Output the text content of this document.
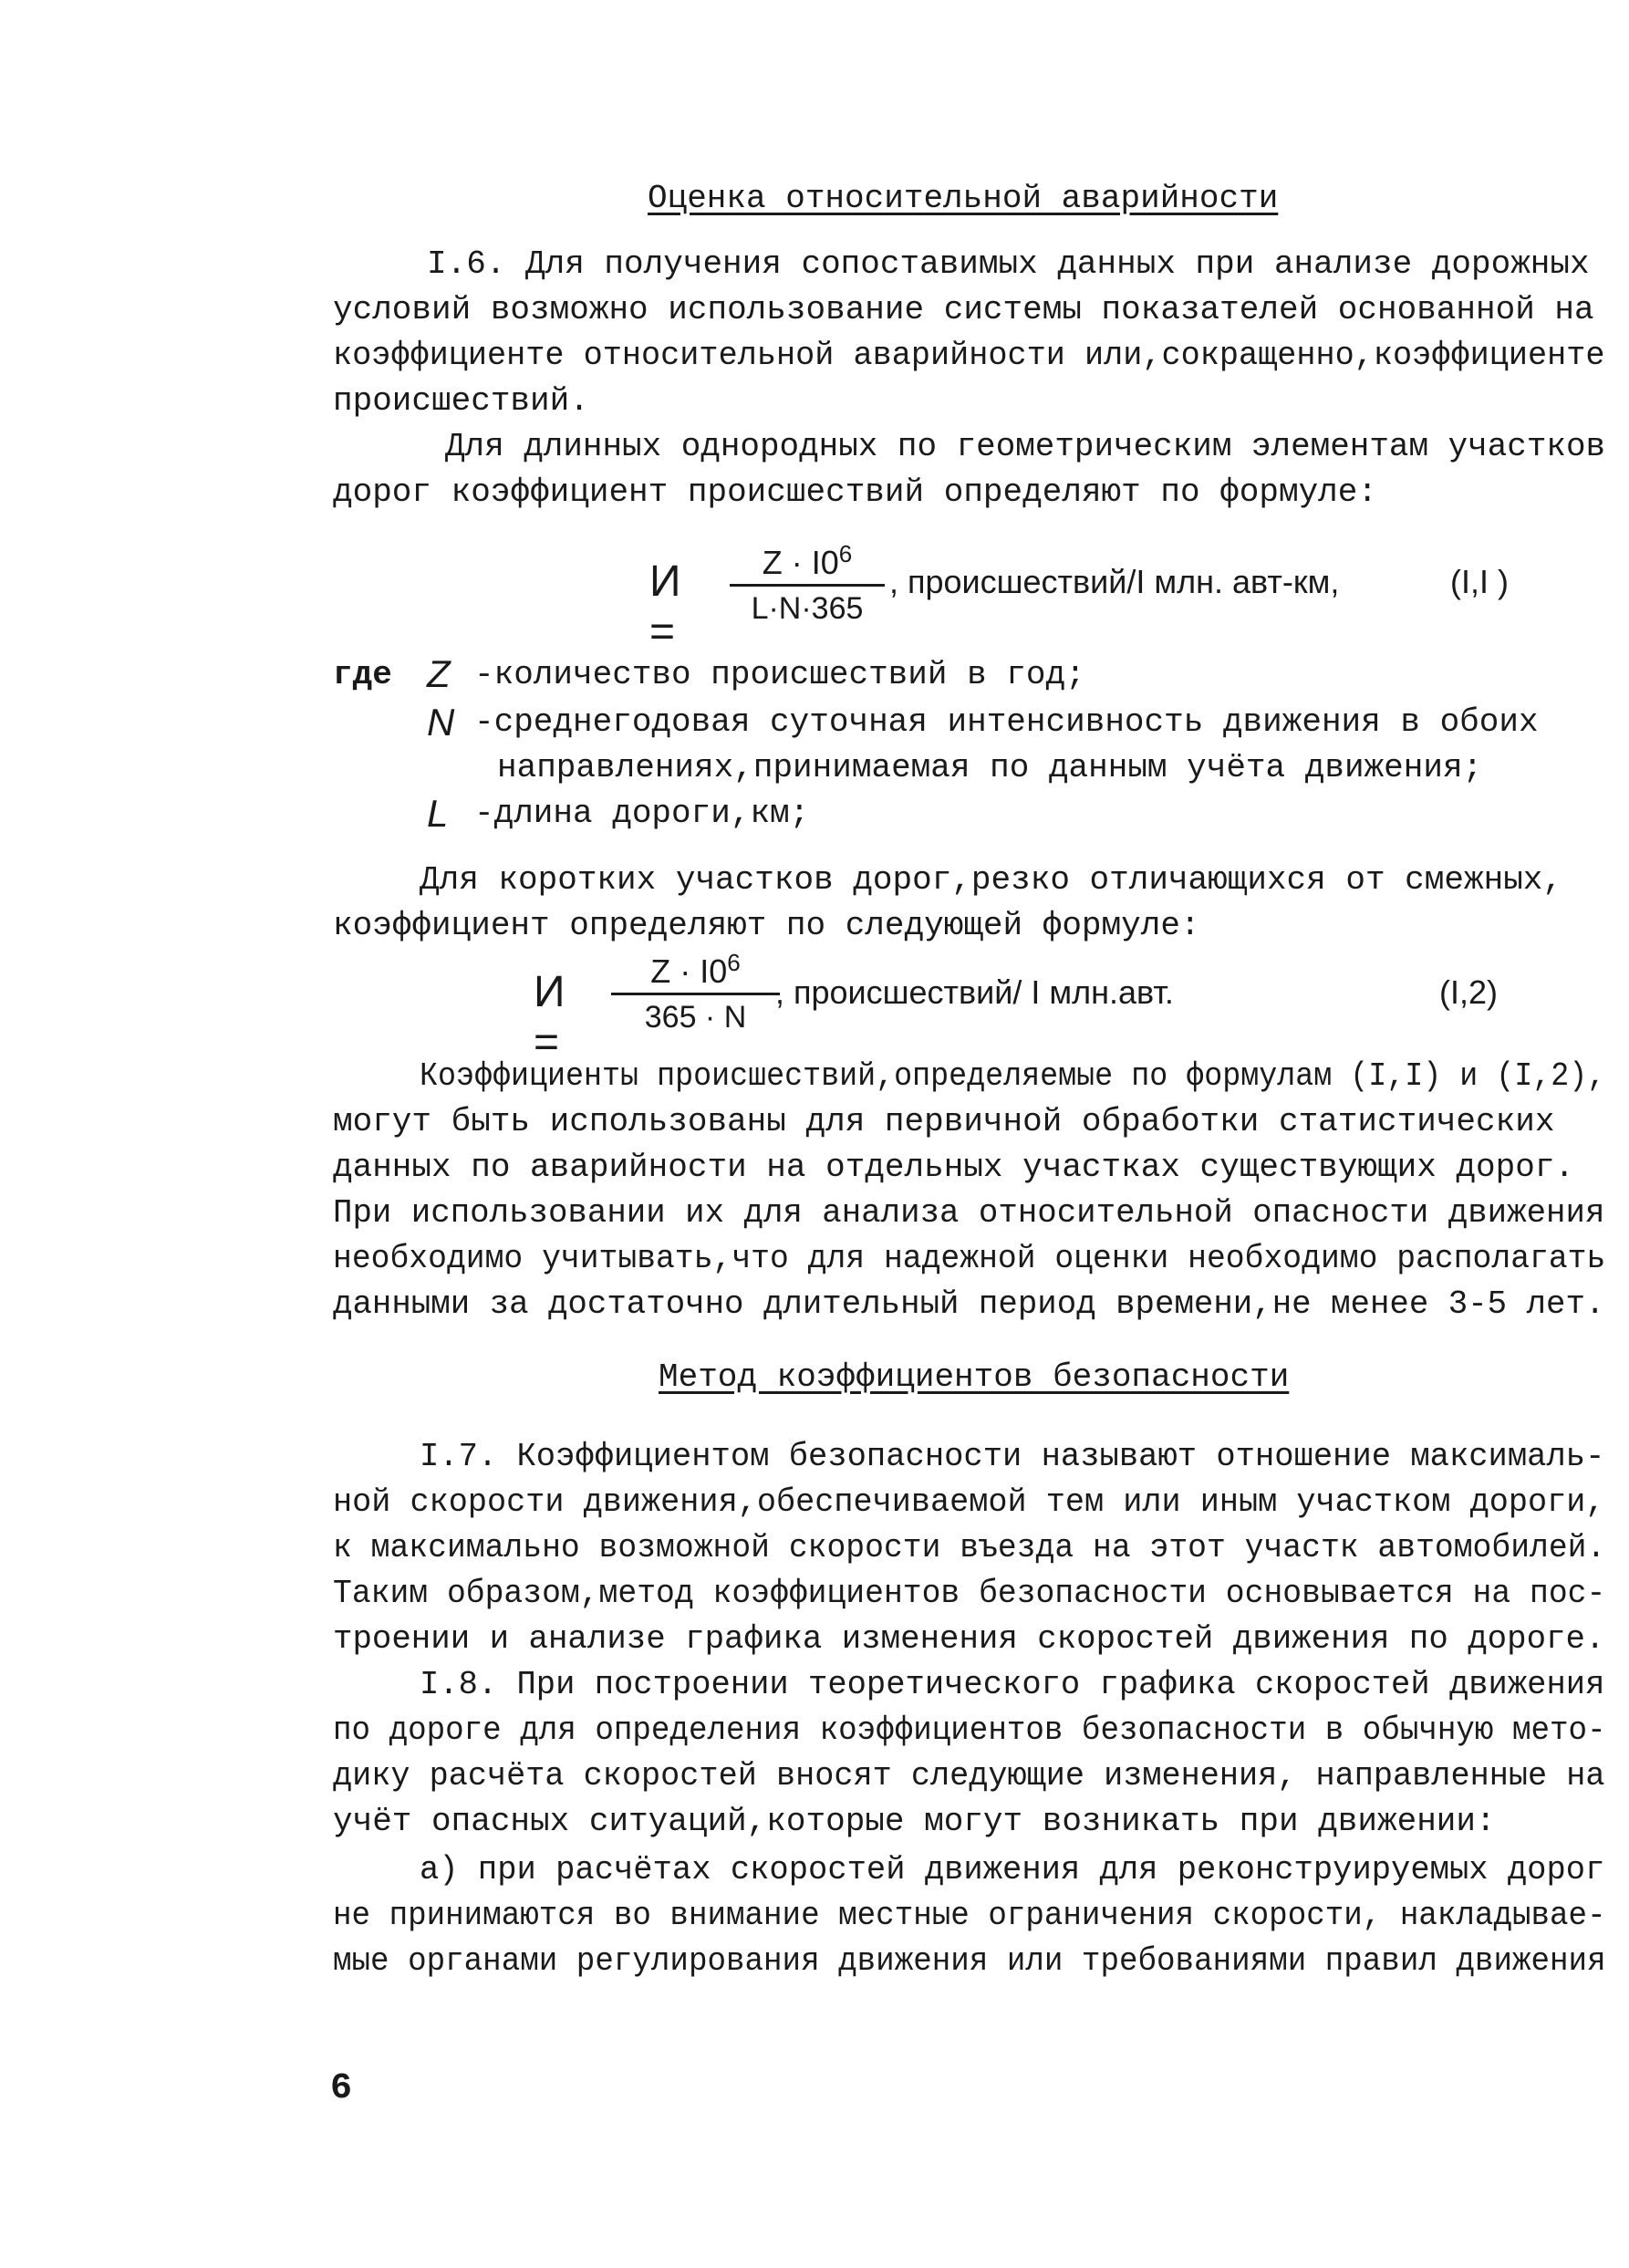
Оценка относительной аварийности
I.6. Для получения сопоставимых данных при анализе дорожных
условий возможно использование системы показателей основанной на
коэффициенте относительной аварийности или,сокращенно,коэффициенте
происшествий.
Для длинных однородных по геометрическим элементам участков
дорог коэффициент происшествий определяют по формуле:
И =
$Z \cdot I0^6$
L·N·365
, происшествий/I млн. авт-км,	(I,I )
где Z -количество происшествий в год;
N -среднегодовая суточная интенсивность движения в обоих
направлениях,принимаемая по данным учёта движения;
L -длина дороги,км;
Для коротких участков дорог,резко отличающихся от смежных,
коэффициент определяют по следующей формуле:
И =
$Z \cdot I0^6$
365 · N
, происшествий/ I млн.авт.	(I,2)
Коэффициенты происшествий,определяемые по формулам (I,I) и (I,2),
могут быть использованы для первичной обработки статистических
данных по аварийности на отдельных участках существующих дорог.
При использовании их для анализа относительной опасности движения
необходимо учитывать,что для надежной оценки необходимо располагать
данными за достаточно длительный период времени,не менее 3-5 лет.
Метод коэффициентов безопасности
I.7. Коэффициентом безопасности называют отношение максималь-
ной скорости движения,обеспечиваемой тем или иным участком дороги,
к максимально возможной скорости въезда на этот участк автомобилей.
Таким образом,метод коэффициентов безопасности основывается на пос-
троении и анализе графика изменения скоростей движения по дороге.
I.8. При построении теоретического графика скоростей движения
по дороге для определения коэффициентов безопасности в обычную мето-
дику расчёта скоростей вносят следующие изменения, направленные на
учёт опасных ситуаций,которые могут возникать при движении:
а) при расчётах скоростей движения для реконструируемых дорог
не принимаются во внимание местные ограничения скорости, накладывае-
мые органами регулирования движения или требованиями правил движения
6
